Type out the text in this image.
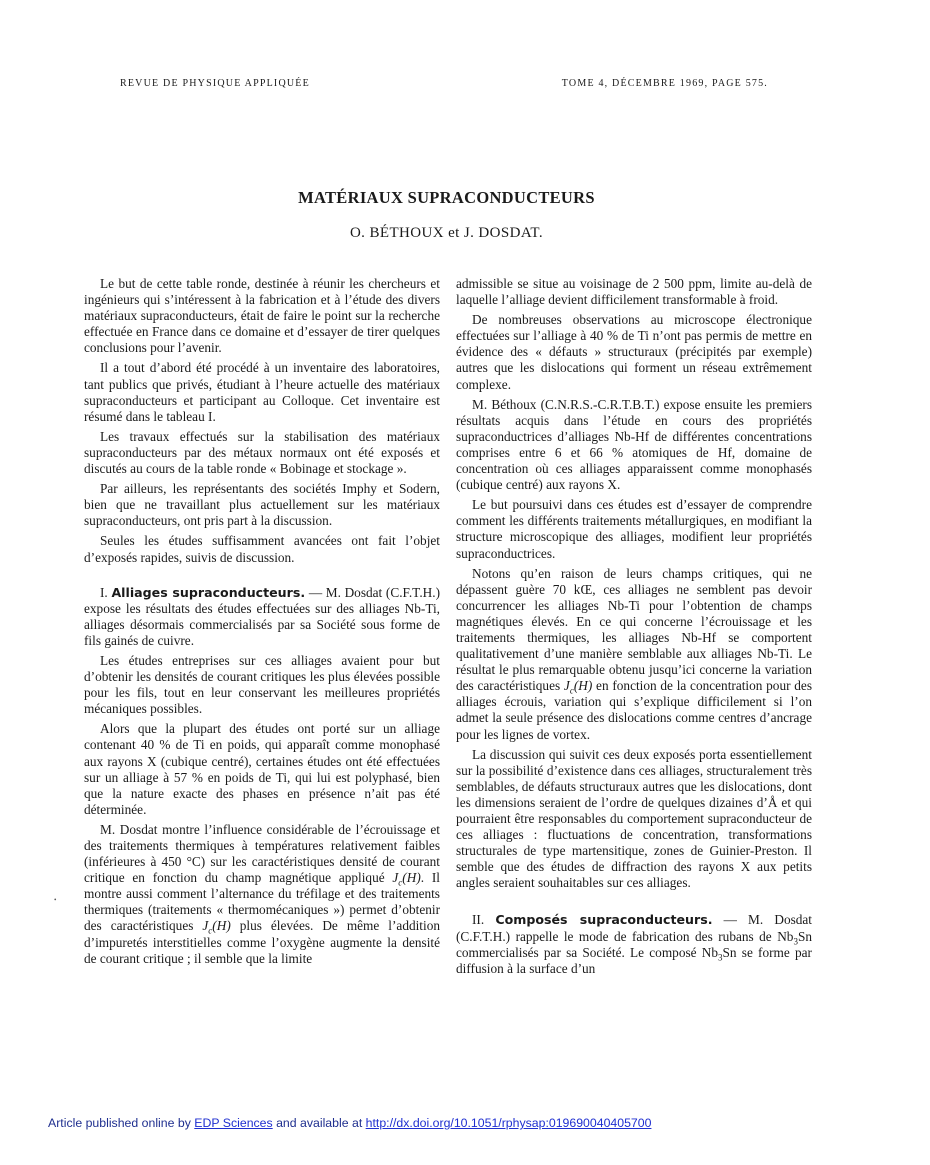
REVUE DE PHYSIQUE APPLIQUÉE	TOME 4, DÉCEMBRE 1969, PAGE 575.
MATÉRIAUX SUPRACONDUCTEURS
O. BÉTHOUX et J. DOSDAT.

Le but de cette table ronde, destinée à réunir les chercheurs et ingénieurs qui s’intéressent à la fabrication et à l’étude des divers matériaux supraconducteurs, était de faire le point sur la recherche effectuée en France dans ce domaine et d’essayer de tirer quelques conclusions pour l’avenir.

Il a tout d’abord été procédé à un inventaire des laboratoires, tant publics que privés, étudiant à l’heure actuelle des matériaux supraconducteurs et participant au Colloque. Cet inventaire est résumé dans le tableau I.

Les travaux effectués sur la stabilisation des matériaux supraconducteurs par des métaux normaux ont été exposés et discutés au cours de la table ronde « Bobinage et stockage ».

Par ailleurs, les représentants des sociétés Imphy et Sodern, bien que ne travaillant plus actuellement sur les matériaux supraconducteurs, ont pris part à la discussion.

Seules les études suffisamment avancées ont fait l’objet d’exposés rapides, suivis de discussion.

I. Alliages supraconducteurs. — M. Dosdat (C.F.T.H.) expose les résultats des études effectuées sur des alliages Nb-Ti, alliages désormais commercialisés par sa Société sous forme de fils gainés de cuivre.

Les études entreprises sur ces alliages avaient pour but d’obtenir les densités de courant critiques les plus élevées possible pour les fils, tout en leur conservant les meilleures propriétés mécaniques possibles.

Alors que la plupart des études ont porté sur un alliage contenant 40 % de Ti en poids, qui apparaît comme monophasé aux rayons X (cubique centré), certaines études ont été effectuées sur un alliage à 57 % en poids de Ti, qui lui est polyphasé, bien que la nature exacte des phases en présence n’ait pas été déterminée.

M. Dosdat montre l’influence considérable de l’écrouissage et des traitements thermiques à températures relativement faibles (inférieures à 450 °C) sur les caractéristiques densité de courant critique en fonction du champ magnétique appliqué $J_c(H)$. Il montre aussi comment l’alternance du tréfilage et des traitements thermiques (traitements « thermomécaniques ») permet d’obtenir des caractéristiques $J_c(H)$ plus élevées. De même l’addition d’impuretés interstitielles comme l’oxygène augmente la densité de courant critique ; il semble que la limite

admissible se situe au voisinage de 2 500 ppm, limite au-delà de laquelle l’alliage devient difficilement transformable à froid.

De nombreuses observations au microscope électronique effectuées sur l’alliage à 40 % de Ti n’ont pas permis de mettre en évidence des « défauts » structuraux (précipités par exemple) autres que les dislocations qui forment un réseau extrêmement complexe.

M. Béthoux (C.N.R.S.-C.R.T.B.T.) expose ensuite les premiers résultats acquis dans l’étude en cours des propriétés supraconductrices d’alliages Nb-Hf de différentes concentrations comprises entre 6 et 66 % atomiques de Hf, domaine de concentration où ces alliages apparaissent comme monophasés (cubique centré) aux rayons X.

Le but poursuivi dans ces études est d’essayer de comprendre comment les différents traitements métallurgiques, en modifiant la structure microscopique des alliages, modifient leur propriétés supraconductrices.

Notons qu’en raison de leurs champs critiques, qui ne dépassent guère 70 kŒ, ces alliages ne semblent pas devoir concurrencer les alliages Nb-Ti pour l’obtention de champs magnétiques élevés. En ce qui concerne l’écrouissage et les traitements thermiques, les alliages Nb-Hf se comportent qualitativement d’une manière semblable aux alliages Nb-Ti. Le résultat le plus remarquable obtenu jusqu’ici concerne la variation des caractéristiques $J_c(H)$ en fonction de la concentration pour des alliages écrouis, variation qui s’explique difficilement si l’on admet la seule présence des dislocations comme centres d’ancrage pour les lignes de vortex.

La discussion qui suivit ces deux exposés porta essentiellement sur la possibilité d’existence dans ces alliages, structuralement très semblables, de défauts structuraux autres que les dislocations, dont les dimensions seraient de l’ordre de quelques dizaines d’Å et qui pourraient être responsables du comportement supraconducteur de ces alliages : fluctuations de concentration, transformations structurales de type martensitique, zones de Guinier-Preston. Il semble que des études de diffraction des rayons X aux petits angles seraient souhaitables sur ces alliages.

II. Composés supraconducteurs. — M. Dosdat (C.F.T.H.) rappelle le mode de fabrication des rubans de $Nb_3Sn$ commercialisés par sa Société. Le composé $Nb_3Sn$ se forme par diffusion à la surface d’un

•
Article published online by EDP Sciences and available at http://dx.doi.org/10.1051/rphysap:019690040405700
